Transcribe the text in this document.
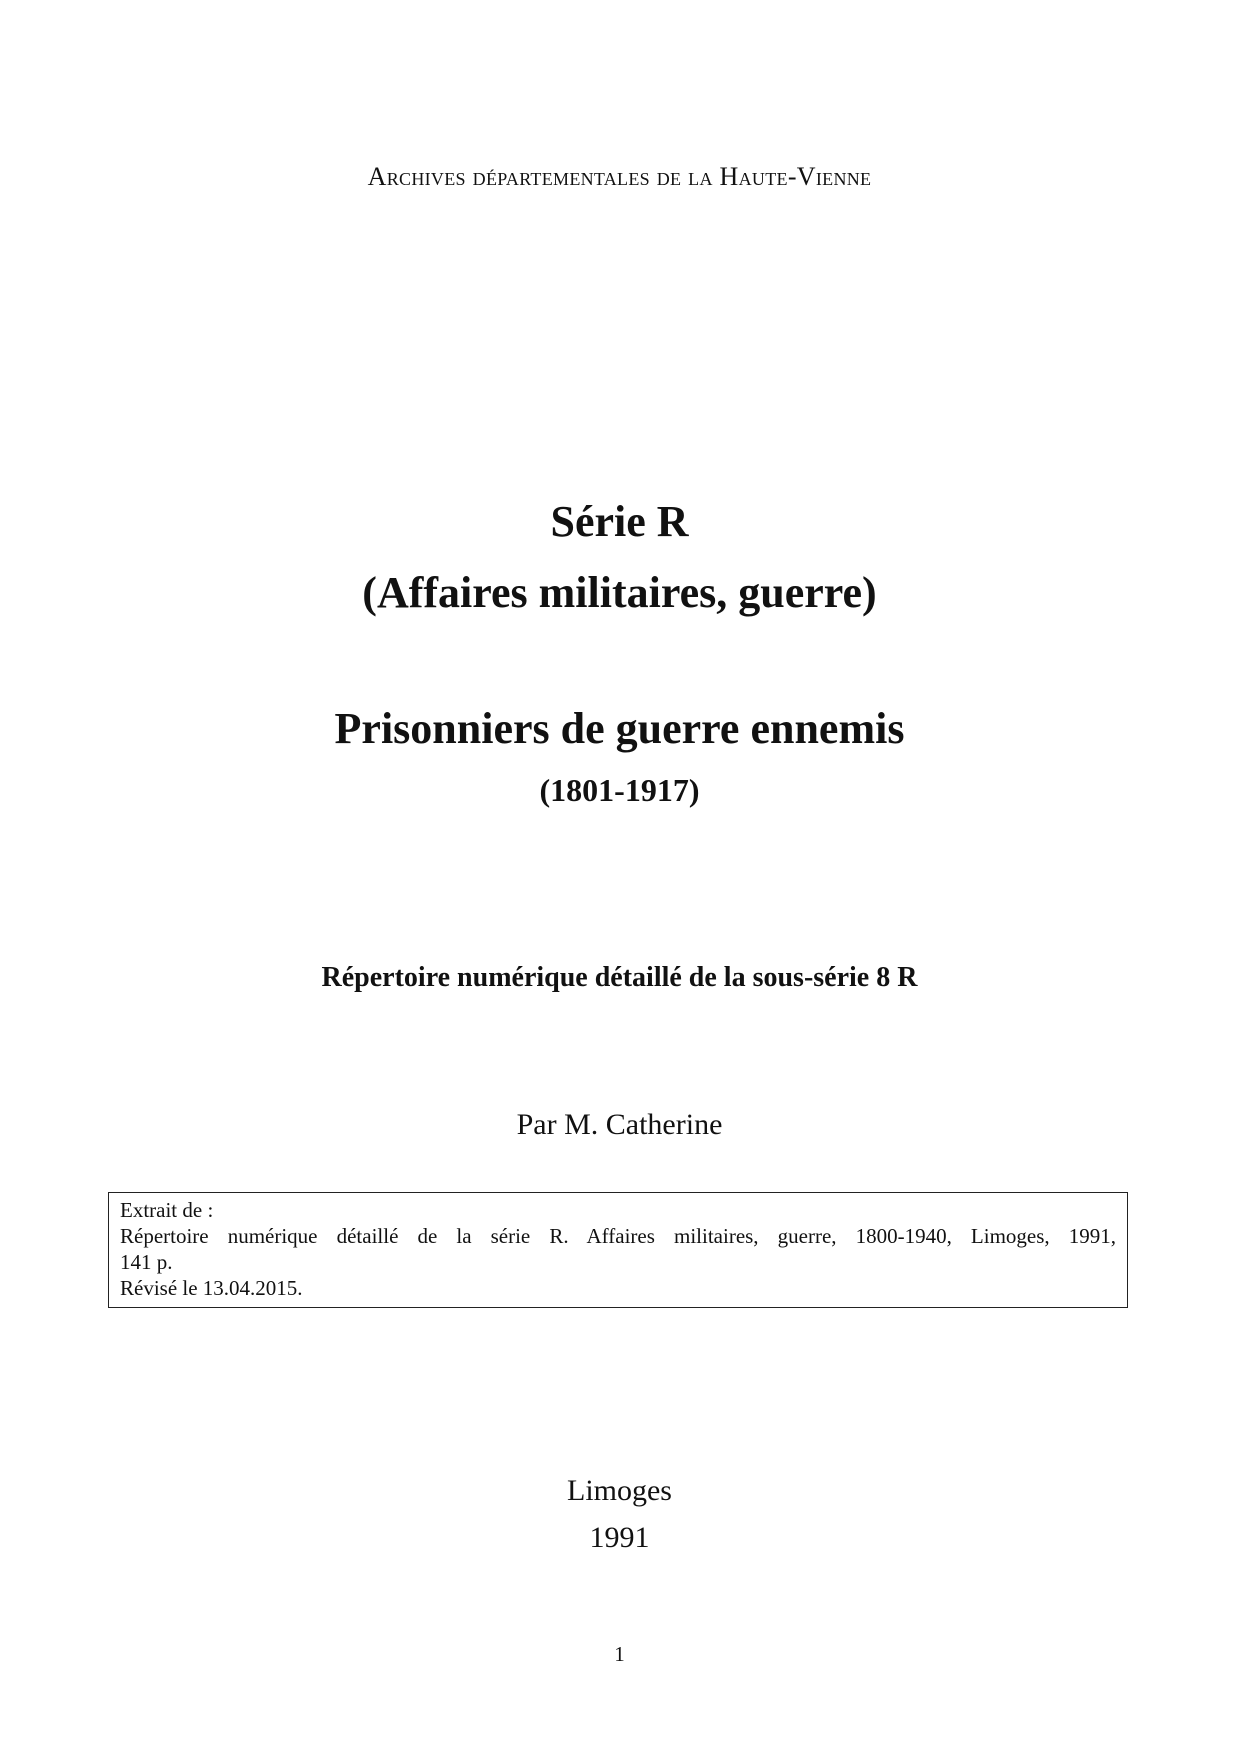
Archives départementales de la Haute-Vienne
Série R
(Affaires militaires, guerre)
Prisonniers de guerre ennemis
(1801-1917)
Répertoire numérique détaillé de la sous-série 8 R
Par M. Catherine
Extrait de :
Répertoire numérique détaillé de la série R. Affaires militaires, guerre, 1800-1940, Limoges, 1991,
141 p.
Révisé le 13.04.2015.
Limoges
1991
1
